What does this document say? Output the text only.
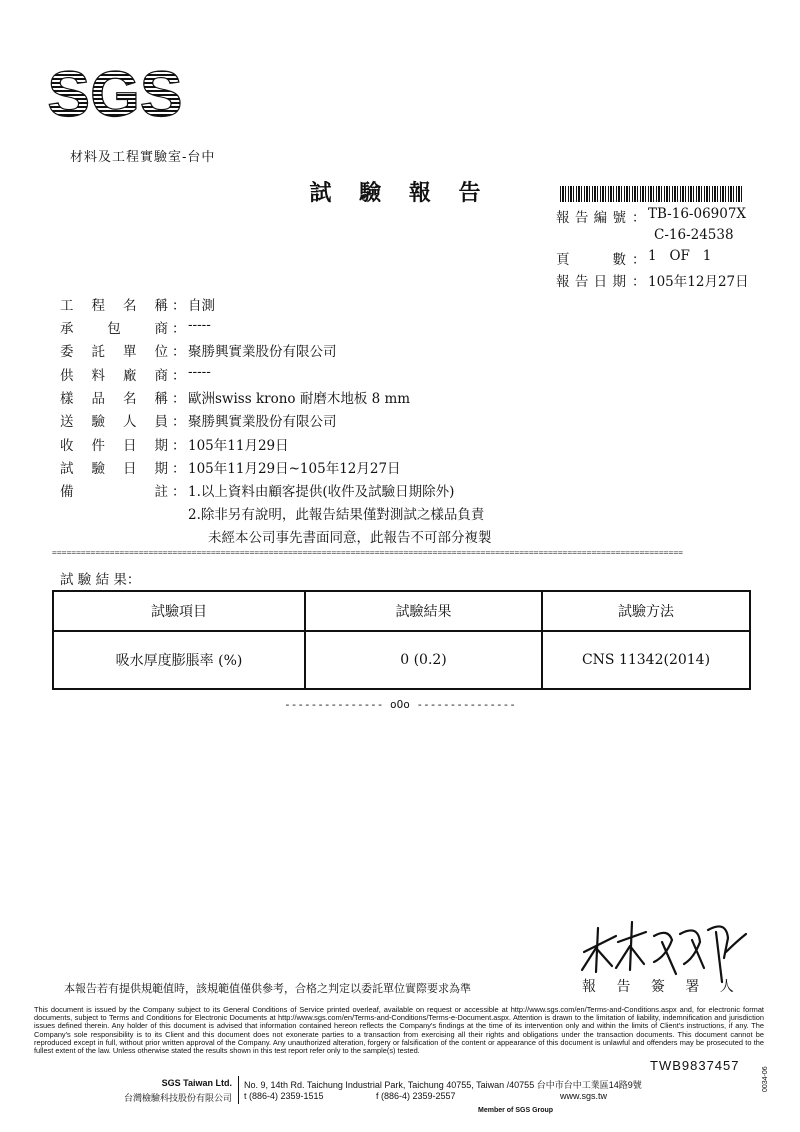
SGS
材料及工程實驗室-台中
試 驗 報 告
報告編號 ： TB-16-06907X
C-16-24538
頁 數 ： 1   OF   1
報告日期 ： 105年12月27日
工程名稱 ： 自測
承包商 ： -----
委託單位 ： 聚勝興實業股份有限公司
供料廠商 ： -----
樣品名稱 ： 歐洲swiss krono 耐磨木地板 8 mm
送驗人員 ： 聚勝興實業股份有限公司
收件日期 ： 105年11月29日
試驗日期 ： 105年11月29日~105年12月27日
備註 ： 1.以上資料由顧客提供(收件及試驗日期除外)
2.除非另有說明，此報告結果僅對測試之樣品負責
未經本公司事先書面同意，此報告不可部分複製
===================================================================================================================================
試 驗 結 果：
試驗項目	試驗結果	試驗方法
吸水厚度膨脹率 (%)	0 (0.2)	CNS 11342(2014)
--------------- oOo ---------------
本報告若有提供規範值時，該規範值僅供參考，合格之判定以委託單位實際要求為準	報 告 簽 署 人
This document is issued by the Company subject to its General Conditions of Service printed overleaf, available on request or accessible at http://www.sgs.com/en/Terms-and-Conditions.aspx and, for electronic format documents, subject to Terms and Conditions for Electronic Documents at http://www.sgs.com/en/Terms-and-Conditions/Terms-e-Document.aspx. Attention is drawn to the limitation of liability, indemnification and jurisdiction issues defined therein. Any holder of this document is advised that information contained hereon reflects the Company's findings at the time of its intervention only and within the limits of Client's instructions, if any. The Company's sole responsibility is to its Client and this document does not exonerate parties to a transaction from exercising all their rights and obligations under the transaction documents. This document cannot be reproduced except in full, without prior written approval of the Company. Any unauthorized alteration, forgery or falsification of the content or appearance of this document is unlawful and offenders may be prosecuted to the fullest extent of the law. Unless otherwise stated the results shown in this test report refer only to the sample(s) tested.
TWB9837457
SGS Taiwan Ltd.
台灣檢驗科技股份有限公司
No. 9, 14th Rd. Taichung Industrial Park, Taichung 40755, Taiwan /40755 台中市台中工業區14路9號
t (886-4) 2359-1515	f (886-4) 2359-2557	www.sgs.tw
Member of SGS Group
0034-06
